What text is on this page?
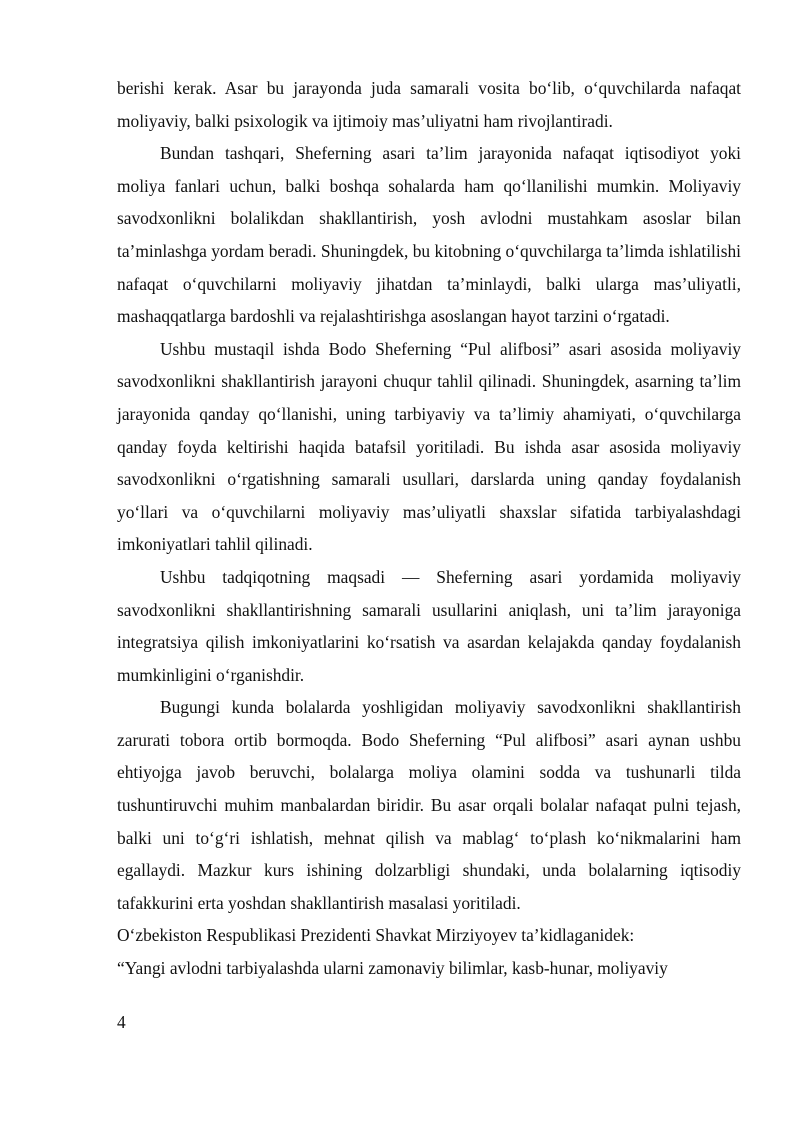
berishi kerak. Asar bu jarayonda juda samarali vosita bo‘lib, o‘quvchilarda nafaqat moliyaviy, balki psixologik va ijtimoiy mas’uliyatni ham rivojlantiradi.

Bundan tashqari, Sheferning asari ta’lim jarayonida nafaqat iqtisodiyot yoki moliya fanlari uchun, balki boshqa sohalarda ham qo‘llanilishi mumkin. Moliyaviy savodxonlikni bolalikdan shakllantirish, yosh avlodni mustahkam asoslar bilan ta’minlashga yordam beradi. Shuningdek, bu kitobning o‘quvchilarga ta’limda ishlatilishi nafaqat o‘quvchilarni moliyaviy jihatdan ta’minlaydi, balki ularga mas’uliyatli, mashaqqatlarga bardoshli va rejalashtirishga asoslangan hayot tarzini o‘rgatadi.

Ushbu mustaqil ishda Bodo Sheferning “Pul alifbosi” asari asosida moliyaviy savodxonlikni shakllantirish jarayoni chuqur tahlil qilinadi. Shuningdek, asarning ta’lim jarayonida qanday qo‘llanishi, uning tarbiyaviy va ta’limiy ahamiyati, o‘quvchilarga qanday foyda keltirishi haqida batafsil yoritiladi. Bu ishda asar asosida moliyaviy savodxonlikni o‘rgatishning samarali usullari, darslarda uning qanday foydalanish yo‘llari va o‘quvchilarni moliyaviy mas’uliyatli shaxslar sifatida tarbiyalashdagi imkoniyatlari tahlil qilinadi.

Ushbu tadqiqotning maqsadi — Sheferning asari yordamida moliyaviy savodxonlikni shakllantirishning samarali usullarini aniqlash, uni ta’lim jarayoniga integratsiya qilish imkoniyatlarini ko‘rsatish va asardan kelajakda qanday foydalanish mumkinligini o‘rganishdir.

Bugungi kunda bolalarda yoshligidan moliyaviy savodxonlikni shakllantirish zarurati tobora ortib bormoqda. Bodo Sheferning “Pul alifbosi” asari aynan ushbu ehtiyojga javob beruvchi, bolalarga moliya olamini sodda va tushunarli tilda tushuntiruvchi muhim manbalardan biridir. Bu asar orqali bolalar nafaqat pulni tejash, balki uni to‘g‘ri ishlatish, mehnat qilish va mablag‘ to‘plash ko‘nikmalarini ham egallaydi. Mazkur kurs ishining dolzarbligi shundaki, unda bolalarning iqtisodiy tafakkurini erta yoshdan shakllantirish masalasi yoritiladi.

O‘zbekiston Respublikasi Prezidenti Shavkat Mirziyoyev ta’kidlaganidek:

“Yangi avlodni tarbiyalashda ularni zamonaviy bilimlar, kasb-hunar, moliyaviy

4
